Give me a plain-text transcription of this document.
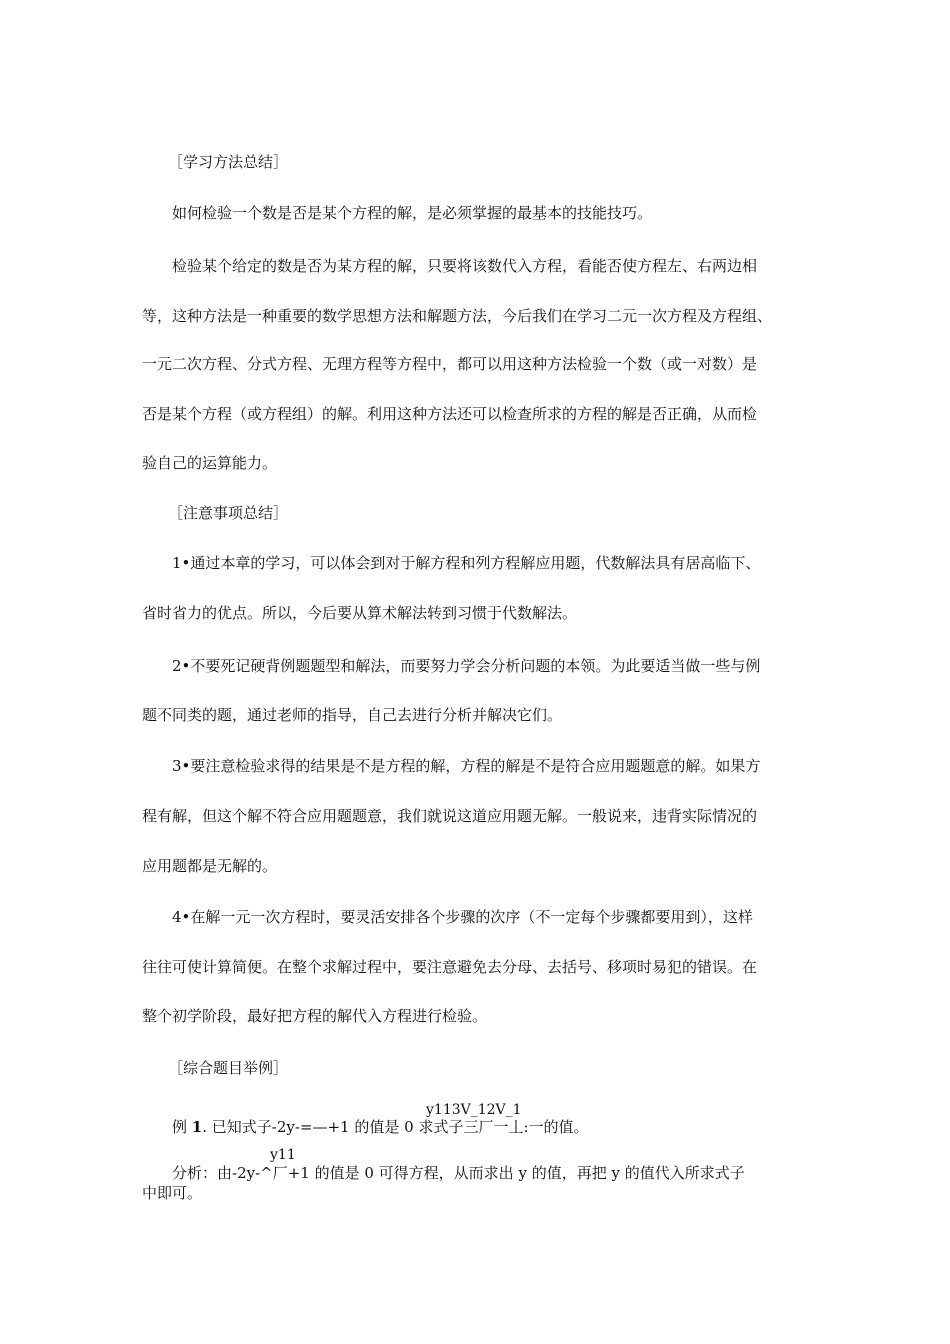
［学习方法总结］
如何检验一个数是否是某个方程的解，是必须掌握的最基本的技能技巧。
检验某个给定的数是否为某方程的解，只要将该数代入方程，看能否使方程左、右两边相
等，这种方法是一种重要的数学思想方法和解题方法，今后我们在学习二元一次方程及方程组、
一元二次方程、分式方程、无理方程等方程中，都可以用这种方法检验一个数（或一对数）是
否是某个方程（或方程组）的解。利用这种方法还可以检查所求的方程的解是否正确，从而检
验自己的运算能力。
［注意事项总结］
1•通过本章的学习，可以体会到对于解方程和列方程解应用题，代数解法具有居高临下、
省时省力的优点。所以，今后要从算术解法转到习惯于代数解法。
2•不要死记硬背例题题型和解法，而要努力学会分析问题的本领。为此要适当做一些与例
题不同类的题，通过老师的指导，自己去进行分析并解决它们。
3•要注意检验求得的结果是不是方程的解，方程的解是不是符合应用题题意的解。如果方
程有解，但这个解不符合应用题题意，我们就说这道应用题无解。一般说来，违背实际情况的
应用题都是无解的。
4•在解一元一次方程时，要灵活安排各个步骤的次序（不一定每个步骤都要用到），这样
往往可使计算简便。在整个求解过程中，要注意避免去分母、去括号、移项时易犯的错误。在
整个初学阶段，最好把方程的解代入方程进行检验。
［综合题目举例］
y113V_12V_1
例 1. 已知式子-2y-=—+1 的值是 0 求式子三厂一丄:一的值。
y11
分析：由-2y-^厂+1 的值是 0 可得方程，从而求出 y 的值，再把 y 的值代入所求式子
中即可。
